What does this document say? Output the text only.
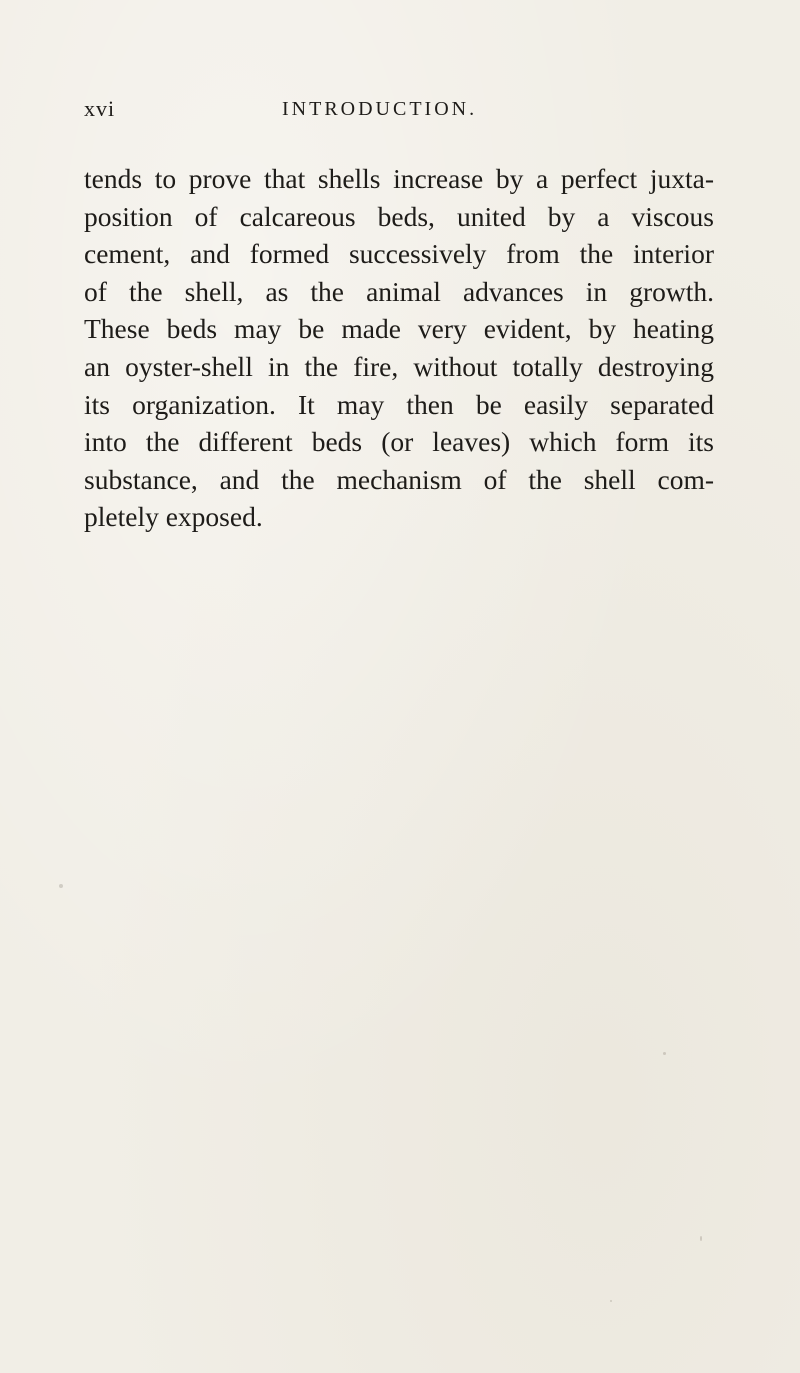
xvi	INTRODUCTION.
tends to prove that shells increase by a perfect juxta-
position of calcareous beds, united by a viscous
cement, and formed successively from the interior
of the shell, as the animal advances in growth.
These beds may be made very evident, by heating
an oyster-shell in the fire, without totally destroying
its organization. It may then be easily separated
into the different beds (or leaves) which form its
substance, and the mechanism of the shell com-
pletely exposed.
